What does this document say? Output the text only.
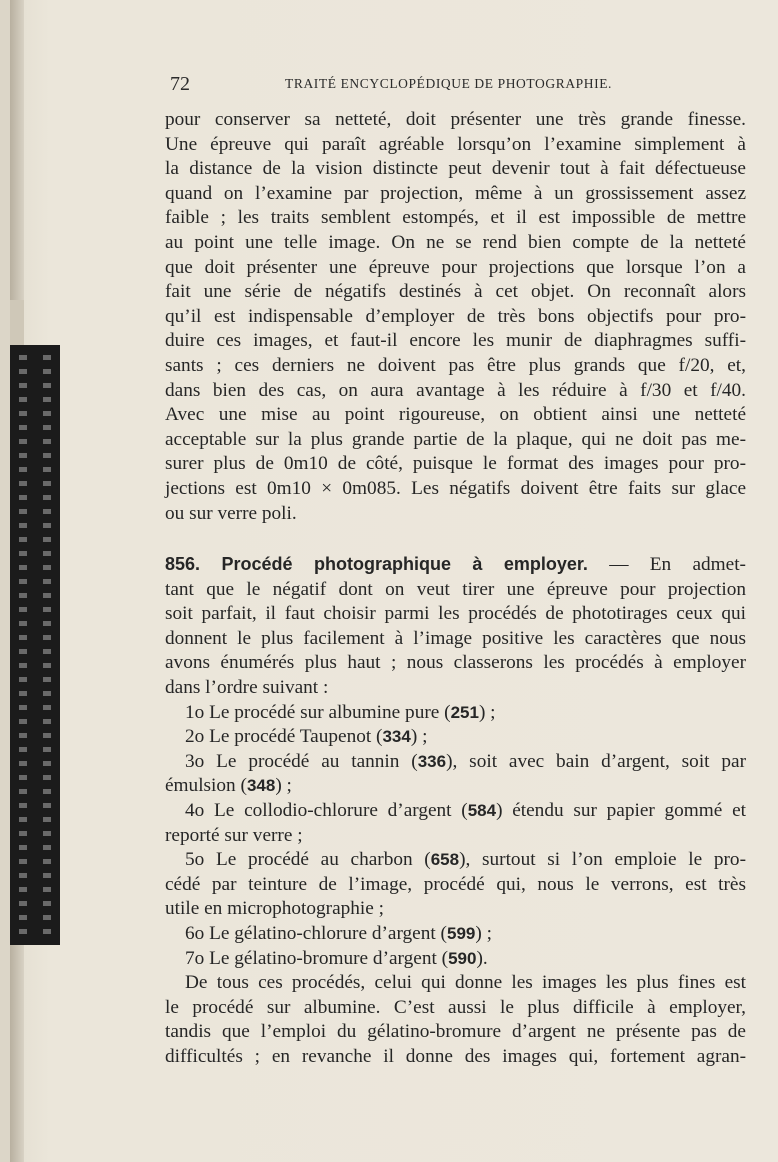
72	TRAITÉ ENCYCLOPÉDIQUE DE PHOTOGRAPHIE.

pour conserver sa netteté, doit présenter une très grande finesse.
Une épreuve qui paraît agréable lorsqu’on l’examine simplement à
la distance de la vision distincte peut devenir tout à fait défectueuse
quand on l’examine par projection, même à un grossissement assez
faible ; les traits semblent estompés, et il est impossible de mettre
au point une telle image. On ne se rend bien compte de la netteté
que doit présenter une épreuve pour projections que lorsque l’on a
fait une série de négatifs destinés à cet objet. On reconnaît alors
qu’il est indispensable d’employer de très bons objectifs pour pro-
duire ces images, et faut-il encore les munir de diaphragmes suffi-
sants ; ces derniers ne doivent pas être plus grands que f/20, et,
dans bien des cas, on aura avantage à les réduire à f/30 et f/40.
Avec une mise au point rigoureuse, on obtient ainsi une netteté
acceptable sur la plus grande partie de la plaque, qui ne doit pas me-
surer plus de 0m10 de côté, puisque le format des images pour pro-
jections est 0m10 × 0m085. Les négatifs doivent être faits sur glace
ou sur verre poli.

856. Procédé photographique à employer. — En admet-
tant que le négatif dont on veut tirer une épreuve pour projection
soit parfait, il faut choisir parmi les procédés de phototirages ceux qui
donnent le plus facilement à l’image positive les caractères que nous
avons énumérés plus haut ; nous classerons les procédés à employer
dans l’ordre suivant :

1o Le procédé sur albumine pure (251) ;
2o Le procédé Taupenot (334) ;
3o Le procédé au tannin (336), soit avec bain d’argent, soit par
émulsion (348) ;
4o Le collodio-chlorure d’argent (584) étendu sur papier gommé et
reporté sur verre ;
5o Le procédé au charbon (658), surtout si l’on emploie le pro-
cédé par teinture de l’image, procédé qui, nous le verrons, est très
utile en microphotographie ;
6o Le gélatino-chlorure d’argent (599) ;
7o Le gélatino-bromure d’argent (590).

De tous ces procédés, celui qui donne les images les plus fines est
le procédé sur albumine. C’est aussi le plus difficile à employer,
tandis que l’emploi du gélatino-bromure d’argent ne présente pas de
difficultés ; en revanche il donne des images qui, fortement agran-
